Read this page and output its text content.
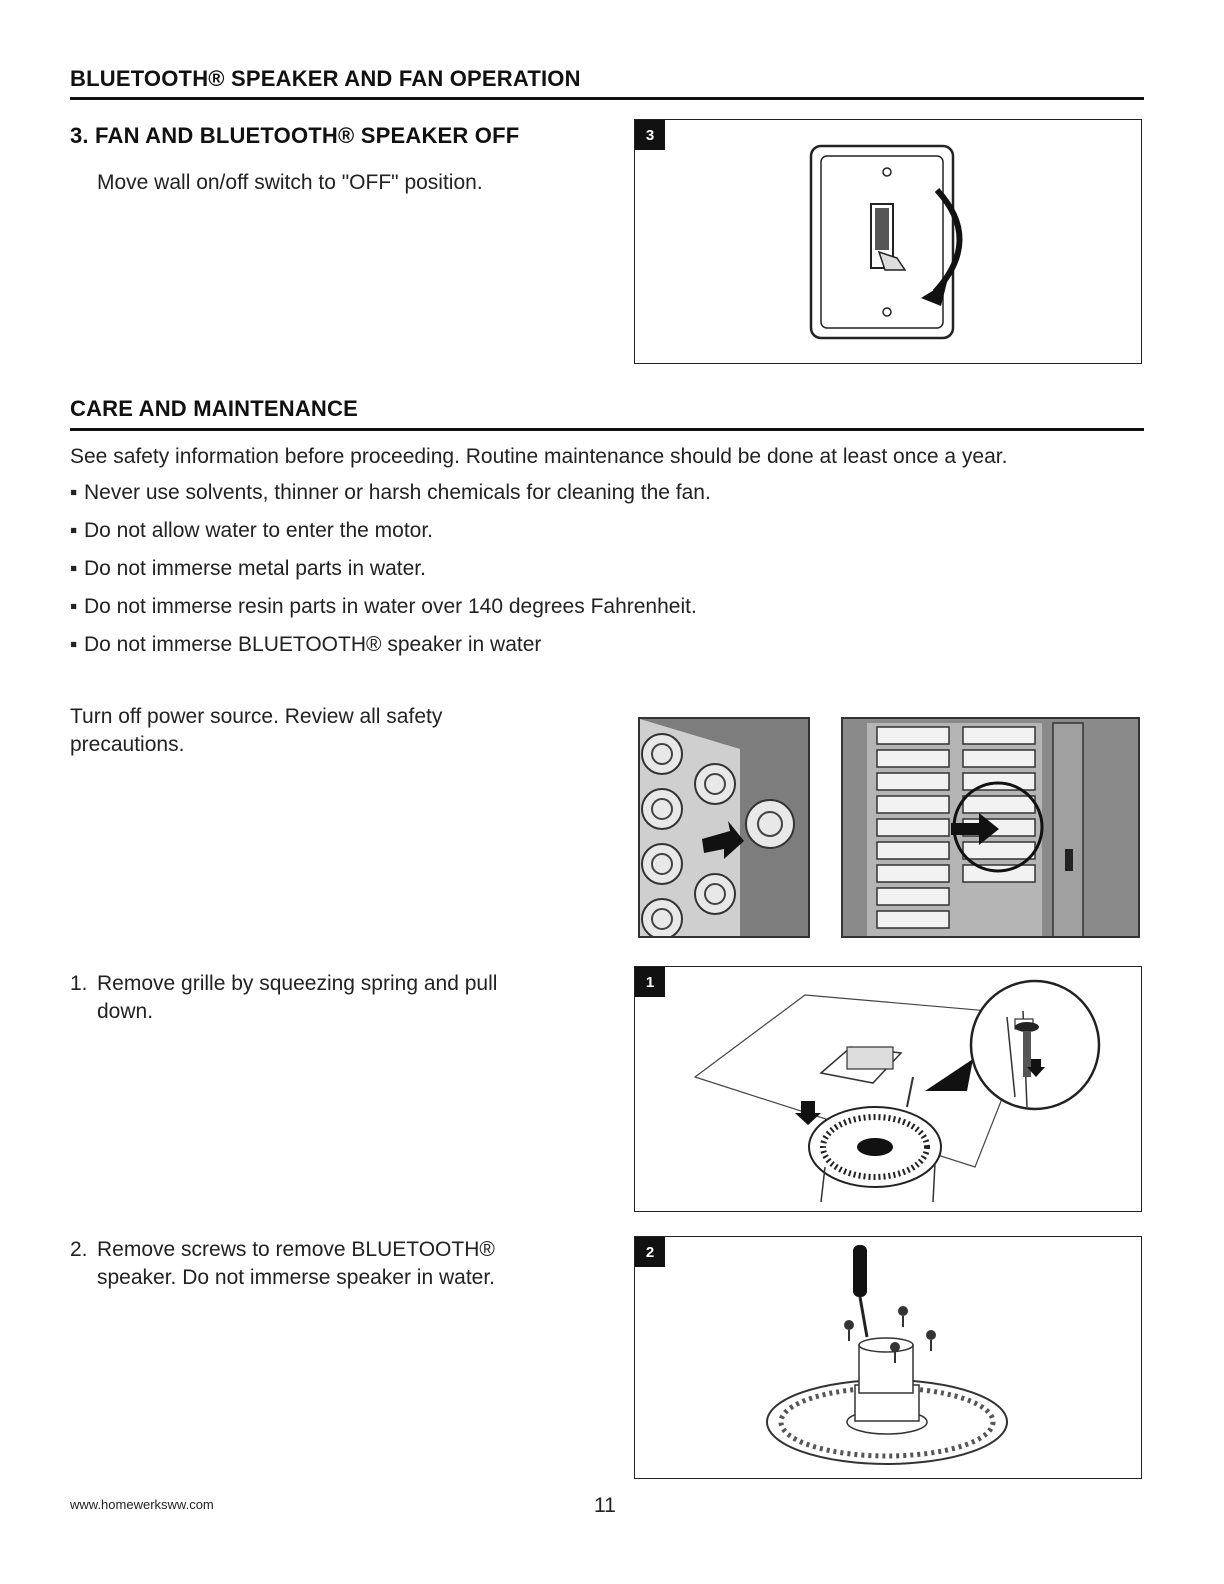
BLUETOOTH® SPEAKER AND FAN OPERATION
3. FAN AND BLUETOOTH® SPEAKER OFF
Move wall on/off switch to "OFF" position.
3
CARE AND MAINTENANCE
See safety information before proceeding. Routine maintenance should be done at least once a year.
▪ Never use solvents, thinner or harsh chemicals for cleaning the fan.
▪ Do not allow water to enter the motor.
▪ Do not immerse metal parts in water.
▪ Do not immerse resin parts in water over 140 degrees Fahrenheit.
▪ Do not immerse BLUETOOTH® speaker in water
Turn off power source. Review all safety precautions.
1. Remove grille by squeezing spring and pull down.
1
2. Remove screws to remove BLUETOOTH® speaker. Do not immerse speaker in water.
2
www.homewerksww.com	11
